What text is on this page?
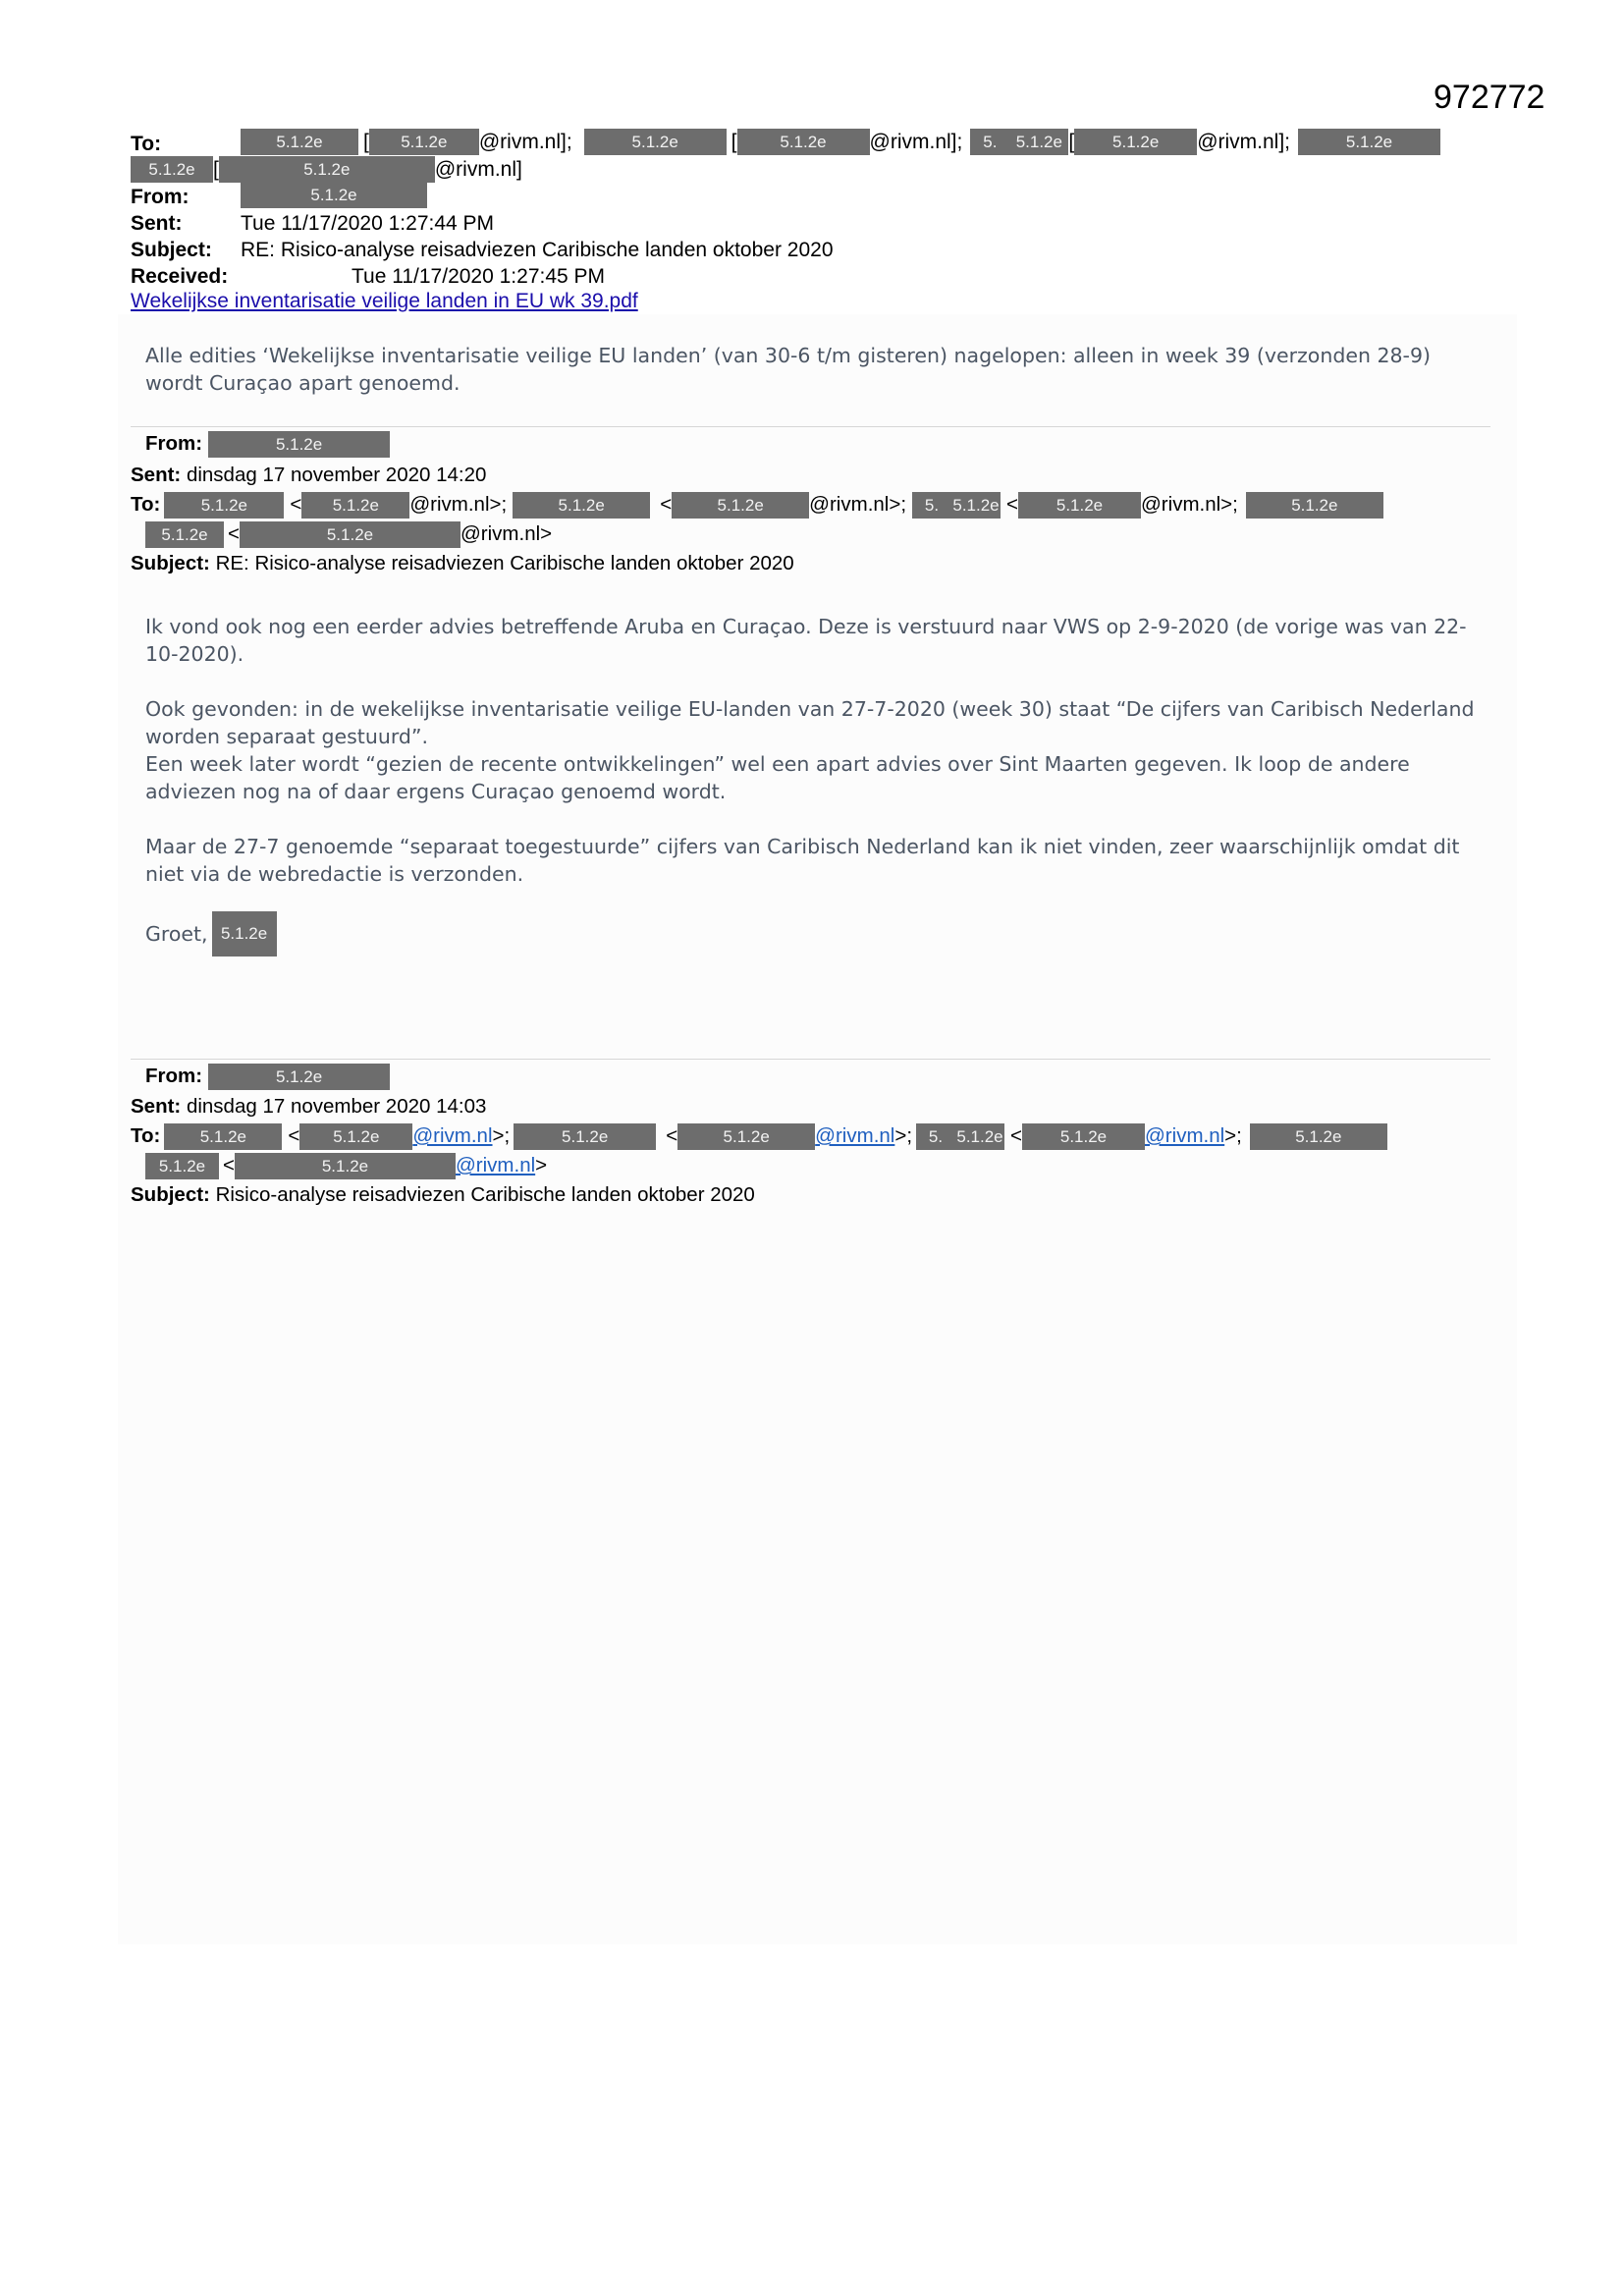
972772
To:	5.1.2e	[	5.1.2e	@rivm.nl];	5.1.2e	[	5.1.2e	@rivm.nl];	5.	5.1.2e [	5.1.2e	@rivm.nl];	5.1.2e
5.1.2e [	5.1.2e	@rivm.nl]
From:	5.1.2e
Sent:	Tue 11/17/2020 1:27:44 PM
Subject: RE: Risico-analyse reisadviezen Caribische landen oktober 2020
Received:	Tue 11/17/2020 1:27:45 PM
Wekelijkse inventarisatie veilige landen in EU wk 39.pdf

Alle edities ‘Wekelijkse inventarisatie veilige EU landen’ (van 30-6 t/m gisteren) nagelopen: alleen in week 39 (verzonden 28-9) wordt Curaçao apart genoemd.

From:	5.1.2e
Sent:
dinsdag 17 november 2020 14:20
To:	5.1.2e	<	5.1.2e	@rivm.nl>;	5.1.2e	<	5.1.2e	@rivm.nl>;	5. 5.1.2e <	5.1.2e	@rivm.nl>;	5.1.2e
5.1.2e <	5.1.2e	@rivm.nl>
Subject:
RE: Risico-analyse reisadviezen Caribische landen oktober 2020

Ik vond ook nog een eerder advies betreffende Aruba en Curaçao. Deze is verstuurd naar VWS op 2-9-2020 (de vorige was van 22-10-2020).

Ook gevonden: in de wekelijkse inventarisatie veilige EU-landen van 27-7-2020 (week 30) staat “De cijfers van Caribisch Nederland worden separaat gestuurd”.

Een week later wordt “gezien de recente ontwikkelingen” wel een apart advies over Sint Maarten gegeven. Ik loop de andere adviezen nog na of daar ergens Curaçao genoemd wordt.

Maar de 27-7 genoemde “separaat toegestuurde” cijfers van Caribisch Nederland kan ik niet vinden, zeer waarschijnlijk omdat dit niet via de webredactie is verzonden.

Groet, 5.1.2e
From:	5.1.2e
Sent:
dinsdag 17 november 2020 14:03
To:	5.1.2e	<	5.1.2e	@rivm.nl >;	5.1.2e	<	5.1.2e	@rivm.nl >; 5. 5.1.2e <	5.1.2e	@rivm.nl >;	5.1.2e
5.1.2e <	5.1.2e	@rivm.nl >
Subject:
Risico-analyse reisadviezen Caribische landen oktober 2020
